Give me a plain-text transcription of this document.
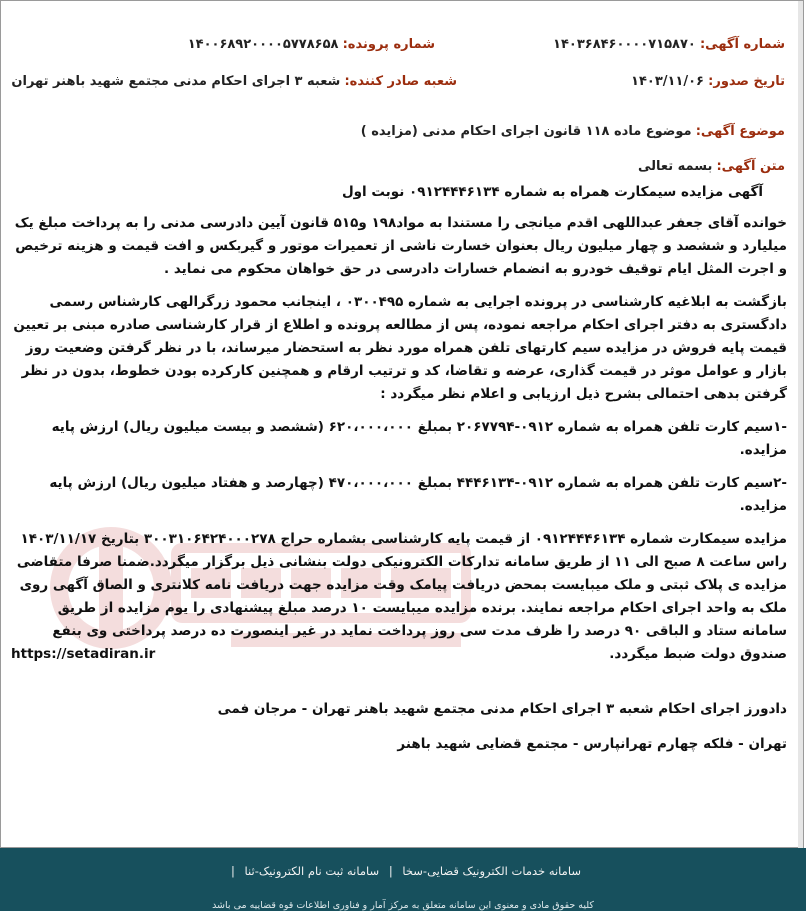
شماره آگهی: ۱۴۰۳۶۸۴۶۰۰۰۰۷۱۵۸۷۰
شماره پرونده: ۱۴۰۰۶۸۹۲۰۰۰۰۵۷۷۸۶۵۸
تاریخ صدور: ۱۴۰۳/۱۱/۰۶
شعبه صادر کننده: شعبه ۳ اجرای احکام مدنی مجتمع شهید باهنر تهران
موضوع آگهی: موضوع ماده ۱۱۸ قانون اجرای احکام مدنی (مزایده )
متن آگهی: بسمه تعالی

آگهی مزایده سیمکارت همراه به شماره ۰۹۱۲۴۴۴۶۱۳۴ نوبت اول

خوانده آقای جعفر عبداللهی اقدم میانجی را مستندا به مواد۱۹۸ و۵۱۵ قانون آیین دادرسی مدنی را به پرداخت مبلغ یک میلیارد و ششصد و چهار میلیون ریال بعنوان خسارت ناشی از تعمیرات موتور و گیربکس و افت قیمت و هزینه ترخیص و اجرت المثل ایام توقیف خودرو به انضمام خسارات دادرسی در حق خواهان محکوم می نماید .

بازگشت به ابلاغیه کارشناسی در پرونده اجرایی به شماره ۰۳۰۰۴۹۵ ، اینجانب محمود زرگرالهی کارشناس رسمی دادگستری به دفتر اجرای احکام مراجعه نموده، پس از مطالعه پرونده و اطلاع از قرار کارشناسی صادره مبنی بر تعیین قیمت پایه فروش در مزایده سیم کارتهای تلفن همراه مورد نظر به استحضار میرساند، با در نظر گرفتن وضعیت روز بازار و عوامل موثر در قیمت گذاری، عرضه و تقاضا، کد و ترتیب ارقام و همچنین کارکرده بودن خطوط، بدون در نظر گرفتن بدهی احتمالی بشرح ذیل ارزیابی و اعلام نظر میگردد :

-۱سیم کارت تلفن همراه به شماره ۰۹۱۲-۲۰۶۷۷۹۴ بمبلغ ۶۲۰،۰۰۰،۰۰۰ (ششصد و بیست میلیون ریال) ارزش پایه مزایده.

-۲سیم کارت تلفن همراه به شماره ۰۹۱۲-۴۴۴۶۱۳۴ بمبلغ ۴۷۰،۰۰۰،۰۰۰ (چهارصد و هفتاد میلیون ریال) ارزش پایه مزایده.

مزایده سیمکارت شماره ۰۹۱۲۴۴۴۶۱۳۴ از قیمت پایه کارشناسی بشماره حراج ۳۰۰۳۱۰۶۴۲۴۰۰۰۲۷۸ بتاریخ ۱۴۰۳/۱۱/۱۷ راس ساعت ۸ صبح الی ۱۱ از طریق سامانه تدارکات الکترونیکی دولت بنشانی ذیل برگزار میگردد.ضمنا صرفا متقاضی مزایده ی پلاک ثبتی و ملک میبایست بمحض دریافت پیامک وقت مزایده جهت دریافت نامه کلانتری و الصاق آگهی روی ملک به واحد اجرای احکام مراجعه نمایند. برنده مزایده میبایست ۱۰ درصد مبلغ پیشنهادی را یوم مزایده از طریق سامانه ستاد و الباقی ۹۰ درصد را ظرف مدت سی روز پرداخت نماید در غیر اینصورت ده درصد پرداختی وی بنفع صندوق دولت ضبط میگردد.

https://setadiran.ir

دادورز اجرای احکام شعبه ۳ اجرای احکام مدنی مجتمع شهید باهنر تهران - مرجان فمی

تهران - فلکه چهارم تهرانپارس - مجتمع قضایی شهید باهنر

سامانه خدمات الکترونیک قضایی-سخا | سامانه ثبت نام الکترونیک-ثنا |
کلیه حقوق مادی و معنوی این سامانه متعلق به مرکز آمار و فناوری اطلاعات قوه قضاییه می باشد
